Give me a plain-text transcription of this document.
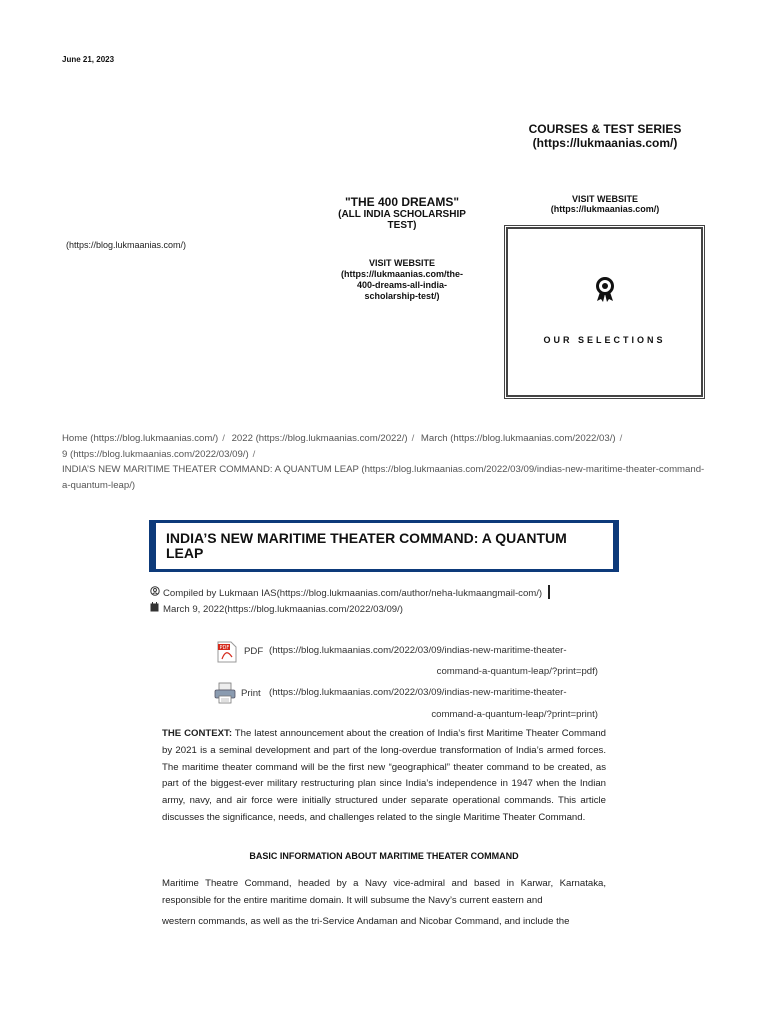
June 21, 2023
COURSES & TEST SERIES
(https://lukmaanias.com/)
"THE 400 DREAMS"
(ALL INDIA SCHOLARSHIP
TEST)
VISIT WEBSITE
(https://lukmaanias.com/the-
400-dreams-all-india-
scholarship-test/)
VISIT WEBSITE
(https://lukmaanias.com/)
(https://blog.lukmaanias.com/)
OUR SELECTIONS
Home (https://blog.lukmaanias.com/) / 2022 (https://blog.lukmaanias.com/2022/) / March (https://blog.lukmaanias.com/2022/03/) /
9 (https://blog.lukmaanias.com/2022/03/09/) /
INDIA’S NEW MARITIME THEATER COMMAND: A QUANTUM LEAP (https://blog.lukmaanias.com/2022/03/09/indias-new-maritime-theater-command-a-quantum-leap/)
INDIA’S NEW MARITIME THEATER COMMAND: A QUANTUM LEAP
Compiled by Lukmaan IAS(https://blog.lukmaanias.com/author/neha-lukmaangmail-com/)
March 9, 2022(https://blog.lukmaanias.com/2022/03/09/)
PDF PDF (https://blog.lukmaanias.com/2022/03/09/indias-new-maritime-theater-
command-a-quantum-leap/?print=pdf)
Print (https://blog.lukmaanias.com/2022/03/09/indias-new-maritime-theater-
command-a-quantum-leap/?print=print)

THE CONTEXT: The latest announcement about the creation of India’s first Maritime Theater Command by 2021 is a seminal development and part of the long-overdue transformation of India’s armed forces. The maritime theater command will be the first new “geographical” theater command to be created, as part of the biggest-ever military restructuring plan since India’s independence in 1947 when the Indian army, navy, and air force were initially structured under separate operational commands. This article discusses the significance, needs, and challenges related to the single Maritime Theater Command.

BASIC INFORMATION ABOUT MARITIME THEATER COMMAND
Maritime Theatre Command, headed by a Navy vice-admiral and based in Karwar, Karnataka, responsible for the entire maritime domain. It will subsume the Navy’s current eastern and
western commands, as well as the tri-Service Andaman and Nicobar Command, and include the
